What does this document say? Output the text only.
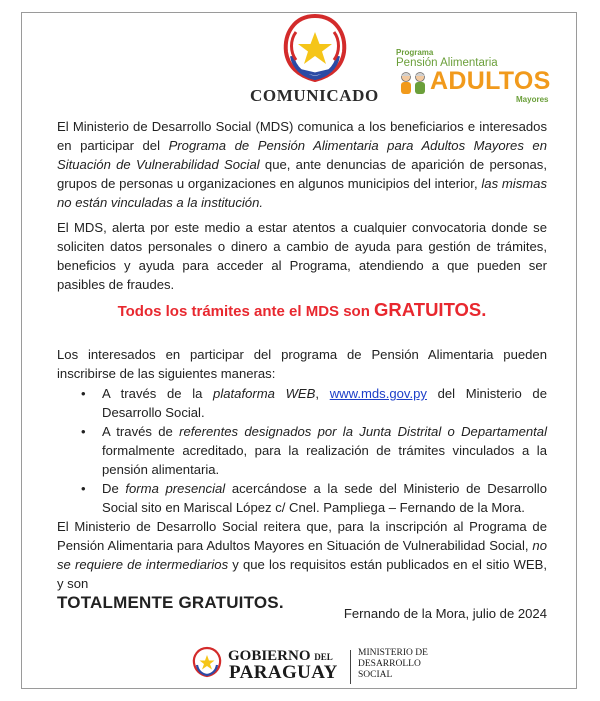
COMUNICADO
Programa
Pensión Alimentaria
ADULTOS
Mayores

El Ministerio de Desarrollo Social (MDS) comunica a los beneficiarios e interesados en participar del Programa de Pensión Alimentaria para Adultos Mayores en Situación de Vulnerabilidad Social que, ante denuncias de aparición de personas, grupos de personas u organizaciones en algunos municipios del interior, las mismas no están vinculadas a la institución.

El MDS, alerta por este medio a estar atentos a cualquier convocatoria donde se soliciten datos personales o dinero a cambio de ayuda para gestión de trámites, beneficios y ayuda para acceder al Programa, atendiendo a que pueden ser pasibles de fraudes.

Todos los trámites ante el MDS son GRATUITOS.

Los interesados en participar del programa de Pensión Alimentaria pueden inscribirse de las siguientes maneras:

• A través de la plataforma WEB, www.mds.gov.py del Ministerio de Desarrollo Social.
• A través de referentes designados por la Junta Distrital o Departamental formalmente acreditado, para la realización de trámites vinculados a la pensión alimentaria.
• De forma presencial acercándose a la sede del Ministerio de Desarrollo Social sito en Mariscal López c/ Cnel. Pampliega – Fernando de la Mora.

El Ministerio de Desarrollo Social reitera que, para la inscripción al Programa de Pensión Alimentaria para Adultos Mayores en Situación de Vulnerabilidad Social, no se requiere de intermediarios y que los requisitos están publicados en el sitio WEB, y son
TOTALMENTE GRATUITOS.

Fernando de la Mora, julio de 2024

GOBIERNO DEL
PARAGUAY
MINISTERIO DE
DESARROLLO
SOCIAL
